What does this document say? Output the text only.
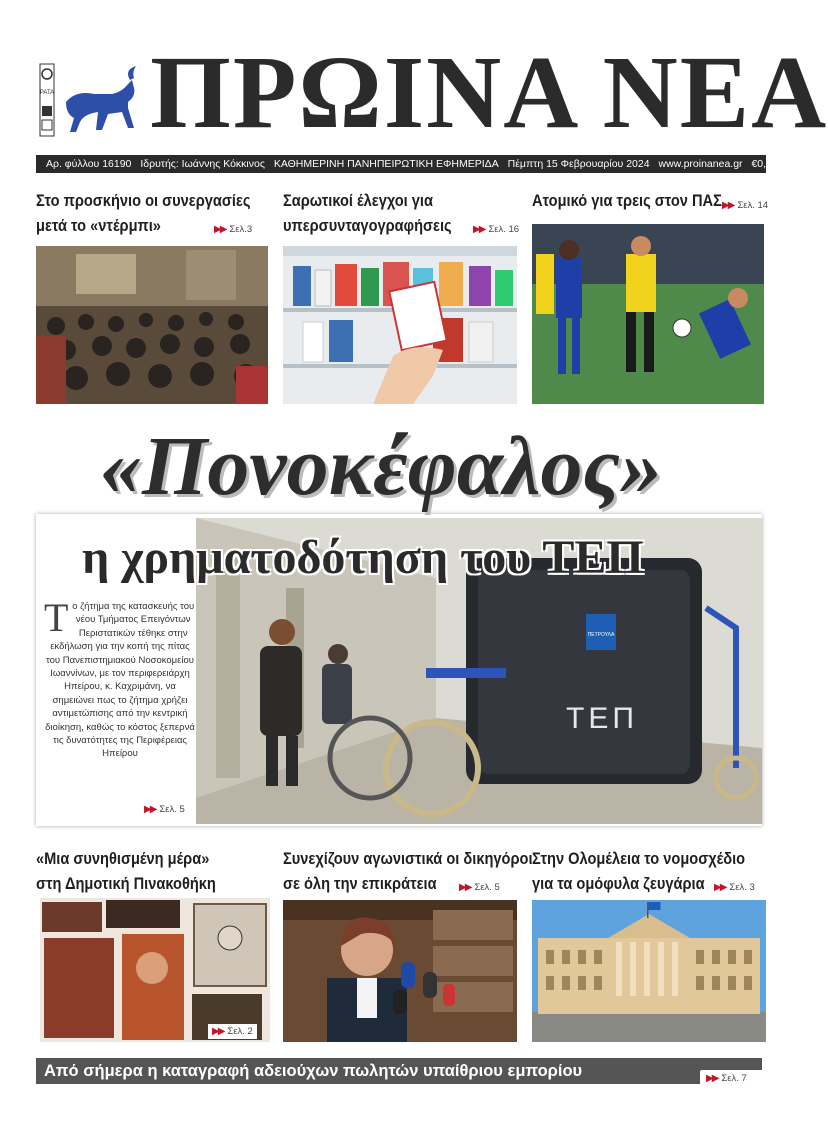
ΡΑΤΑ ΠΡΩΙΝΑ ΝΕΑ
Αρ. φύλλου 16190 Ιδρυτής: Ιωάννης Κόκκινος ΚΑΘΗΜΕΡΙΝΗ ΠΑΝΗΠΕΙΡΩΤΙΚΗ ΕΦΗΜΕΡΙΔΑ Πέμπτη 15 Φεβρουαρίου 2024 www.proinanea.gr €0,50
Στο προσκήνιο οι συνεργασίες
μετά το «ντέρμπι»	▶▶ Σελ.3
Σαρωτικοί έλεγχοι για
υπερσυνταγογραφήσεις	▶▶ Σελ. 16
Ατομικό για τρεις στον ΠΑΣ ▶▶ Σελ. 14
ΠΕΤΡΟΥΛΑ
ΤΕΠ
«Πονοκέφαλος»
η χρηματοδότηση του ΤΕΠ
Το ζήτημα της κατασκευής του νέου Τμήματος Επειγόντων Περιστατικών τέθηκε στην εκδήλωση για την κοπή της πίτας του Πανεπιστημιακού Νοσοκομείου Ιωαννίνων, με τον περιφερειάρχη Ηπείρου, κ. Καχριμάνη, να σημειώνει πως το ζήτημα χρήζει αντιμετώπισης από την κεντρική διοίκηση, καθώς το κόστος ξεπερνά τις δυνατότητες της Περιφέρειας Ηπείρου
▶▶ Σελ. 5
«Μια συνηθισμένη μέρα»
στη Δημοτική Πινακοθήκη
▶▶ Σελ. 2
Συνεχίζουν αγωνιστικά οι δικηγόροι
σε όλη την επικράτεια	▶▶ Σελ. 5
Στην Ολομέλεια το νομοσχέδιο
για τα ομόφυλα ζευγάρια ▶▶ Σελ. 3
Από σήμερα η καταγραφή αδειούχων πωλητών υπαίθριου εμπορίου	▶▶ Σελ. 7
